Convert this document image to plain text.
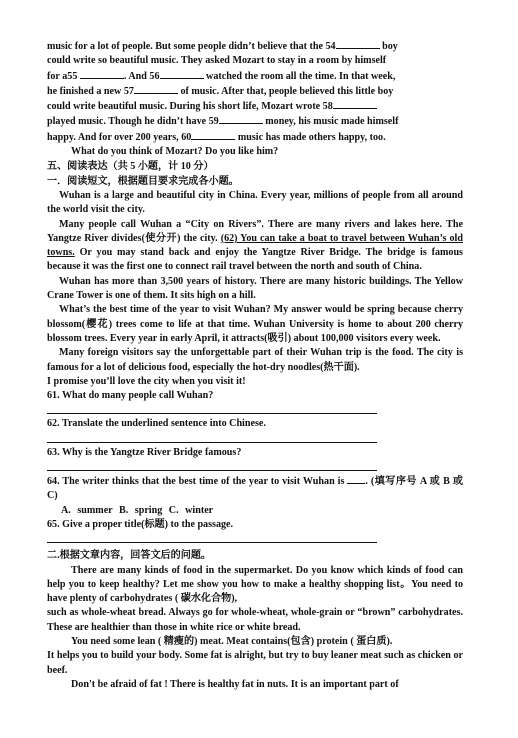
music for a lot of people. But some people didn’t believe that the 54	boy

could write so beautiful music. They asked Mozart to stay in a room by himself

for a55	. And 56	watched the room all the time. In that week,

he finished a new 57	of music. After that, people believed this little boy

could write beautiful music. During his short life, Mozart wrote 58

played music. Though he didn’t have 59	money, his music made himself

happy. And for over 200 years, 60	music has made others happy, too.

What do you think of Mozart? Do you like him?

五、阅读表达（共 5 小题，计 10 分）

一．阅读短文，根据题目要求完成各小题。

Wuhan is a large and beautiful city in China. Every year, millions of people from all around the world visit the city.

Many people call Wuhan a “City on Rivers”. There are many rivers and lakes here. The Yangtze River divides(使分开) the city. (62) You can take a boat to travel between Wuhan’s old towns. Or you may stand back and enjoy the Yangtze River Bridge. The bridge is famous because it was the first one to connect rail travel between the north and south of China.

Wuhan has more than 3,500 years of history. There are many historic buildings. The Yellow Crane Tower is one of them. It sits high on a hill.

What’s the best time of the year to visit Wuhan? My answer would be spring because cherry blossom(樱花) trees come to life at that time. Wuhan University is home to about 200 cherry blossom trees. Every year in early April, it attracts(吸引) about 100,000 visitors every week.

Many foreign visitors say the unforgettable part of their Wuhan trip is the food. The city is famous for a lot of delicious food, especially the hot-dry noodles(热干面).

I promise you’ll love the city when you visit it!

61. What do many people call Wuhan?

62. Translate the underlined sentence into Chinese.

63. Why is the Yangtze River Bridge famous?

64. The writer thinks that the best time of the year to visit Wuhan is . (填写序号 A 或 B 或 C)

A. summer B. spring C. winter

65. Give a proper title(标题) to the passage.

二.根据文章内容，回答文后的问题。

There are many kinds of food in the supermarket. Do you know which kinds of food can help you to keep healthy? Let me show you how to make a healthy shopping list。You need to have plenty of carbohydrates ( 碳水化合物),

such as whole-wheat bread. Always go for whole-wheat, whole-grain or “brown” carbohydrates. These are healthier than those in white rice or white bread.

You need some lean ( 精瘦的) meat. Meat contains(包含) protein ( 蛋白质).

It helps you to build your body. Some fat is alright, but try to buy leaner meat such as chicken or beef.

Don't be afraid of fat ! There is healthy fat in nuts. It is an important part of
